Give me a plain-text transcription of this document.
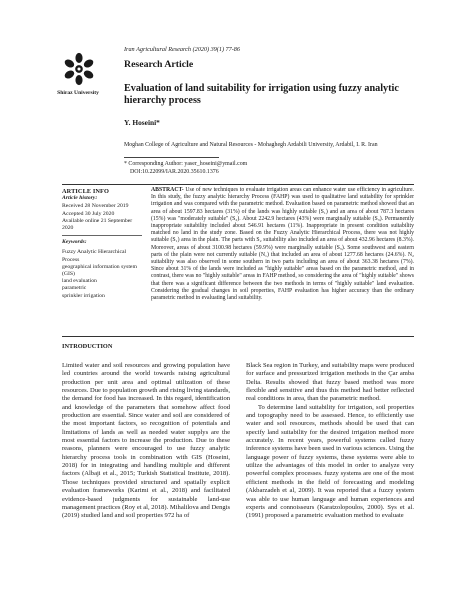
Shiraz University
Iran Agricultural Research (2020) 39(1) 77-86
Research Article
Evaluation of land suitability for irrigation using fuzzy analytic hierarchy process
Y. Hoseini*
Moghan College of Agriculture and Natural Resources - Mohaghegh Ardabili University, Ardabil, I. R. Iran
* Corresponding Author: yaser_hoseini@ymail.com
DOI:10.22099/IAR.2020.35610.1376
ARTICLE INFO
Article history:
Received 28 November 2019
Accepted 30 July 2020
Available online 21 September 2020
Keywords:
Fuzzy Analytic Hierarchical Process
geographical information system (GIS)
land evaluation
parametric
sprinkler irrigation
ABSTRACT- Use of new techniques to evaluate irrigation areas can enhance water use efficiency in agriculture. In this study, the fuzzy analytic hierarchy Process (FAHP) was used to qualitative land suitability for sprinkler irrigation and was compared with the parametric method. Evaluation based on parametric method showed that an area of about 1597.83 hectares (31%) of the lands was highly suitable (S₁) and an area of about 787.3 hectares (15%) was "moderately suitable" (S₂). About 2242.9 hectares (43%) were marginally suitable (S₃). Permanently inappropriate suitability included about 546.91 hectares (11%). Inappropriate in present condition suitability matched no land in the study zone. Based on the Fuzzy Analytic Hierarchical Process, there was not highly suitable (S₁) area in the plain. The parts with S₂ suitability also included an area of about 432.96 hectares (8.3%). Moreover, areas of about 3100.98 hectares (59.9%) were marginally suitable (S₃). Some southwest and eastern parts of the plain were not currently suitable (N₁) that included an area of about 1277.68 hectares (24.6%). N₂ suitability was also observed in some southern in two parts including an area of about 363.38 hectares (7%). Since about 31% of the lands were included as "highly suitable" areas based on the parametric method, and in contrast, there was no "highly suitable" areas in FAHP method, so considering the area of "highly suitable" shows that there was a significant difference between the two methods in terms of "highly suitable" land evaluation. Considering the gradual changes in soil properties, FAHP evaluation has higher accuracy than the ordinary parametric method in evaluating land suitability.
INTRODUCTION

Limited water and soil resources and growing population have led countries around the world towards raising agricultural production per unit area and optimal utilization of these resources. Due to population growth and rising living standards, the demand for food has increased. In this regard, identification and knowledge of the parameters that somehow affect food production are essential. Since water and soil are considered of the most important factors, so recognition of potentials and limitations of lands as well as needed water supplys are the most essential factors to increase the production. Due to these reasons, planners were encouraged to use fuzzy analytic hierarchy process tools in combination with GIS (Hoseini, 2018) for in integrating and handling multiple and different factors (Albaji et al., 2015; Turkish Statistical Institute, 2018). Those techniques provided structured and spatially explicit evaluation frameworks (Karimi et al., 2018) and facilitated evidence-based judgments for sustainable land-use management practices (Roy et al, 2018). Mihalilova and Dengis (2019) studied land and soil properties 972 ha of

Black Sea region in Turkey, and suitability maps were produced for surface and pressurized irrigation methods in the Çar amba Delta. Results showed that fuzzy based method was more flexible and sensitive and thus this method had better reflected real conditions in area, than the parametric method.

To determine land suitability for irrigation, soil properties and topography need to be assessed. Hence, to efficiently use water and soil resources, methods should be used that can specify land suitability for the desired irrigation method more accurately. In recent years, powerful systems called fuzzy inference systems have been used in various sciences. Using the language power of fuzzy systems, these systems were able to utilize the advantages of this model in order to analyze very powerful complex processes. fuzzy systems are one of the most efficient methods in the field of forecasting and modeling (Akbarzadeh et al, 2009). It was reported that a fuzzy system was able to use human language and human experiences and experts and connoisseurs (Karatzolopoulos, 2000). Sys et al. (1991) proposed a parametric evaluation method to evaluate
